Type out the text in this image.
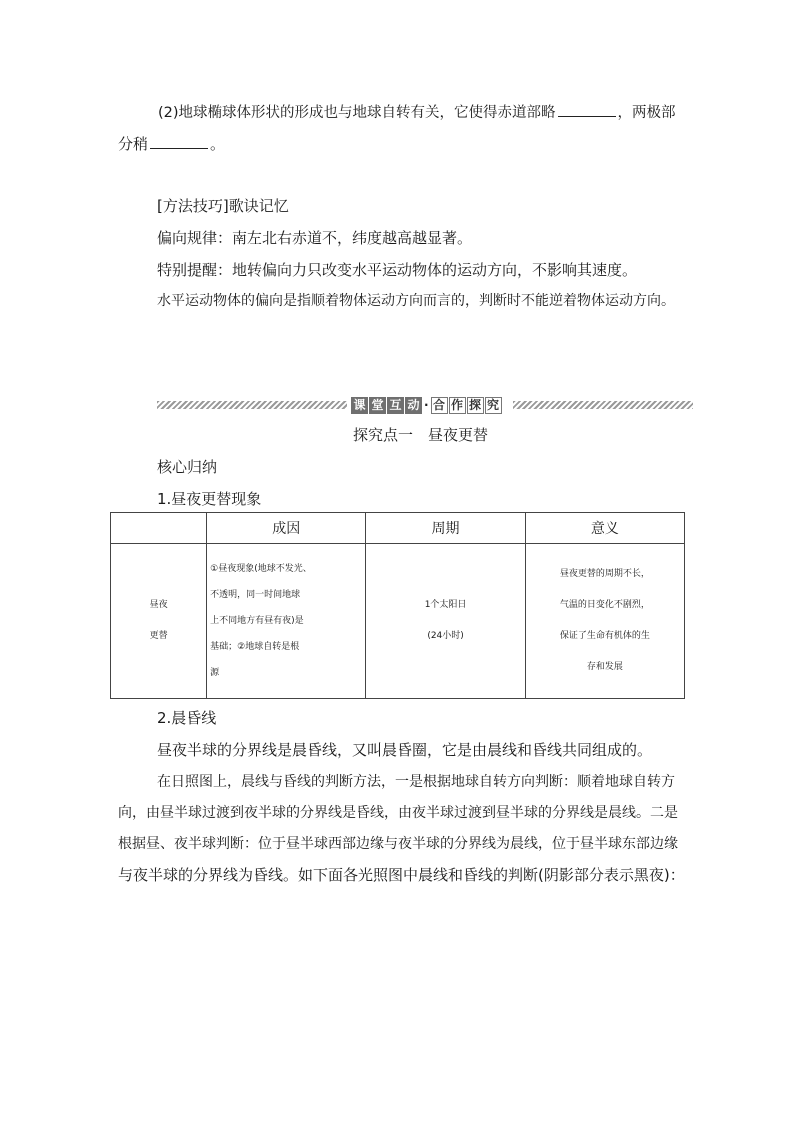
(2)地球椭球体形状的形成也与地球自转有关，它使得赤道部略	，两极部
分稍	。
[方法技巧]歌诀记忆
偏向规律：南左北右赤道不，纬度越高越显著。
特别提醒：地转偏向力只改变水平运动物体的运动方向，不影响其速度。
水平运动物体的偏向是指顺着物体运动方向而言的，判断时不能逆着物体运动方向。
课 堂 互 动 · 合 作 探 究
探究点一　昼夜更替
核心归纳
1.昼夜更替现象
	成因	周期	意义

昼夜
更替	①昼夜现象(地球不发光、
不透明，同一时间地球
上不同地方有昼有夜)是
基础；②地球自转是根
源	1个太阳日
(24小时)	昼夜更替的周期不长，
气温的日变化不剧烈，
保证了生命有机体的生
存和发展
2.晨昏线
昼夜半球的分界线是晨昏线，又叫晨昏圈，它是由晨线和昏线共同组成的。
在日照图上，晨线与昏线的判断方法，一是根据地球自转方向判断：顺着地球自转方
向，由昼半球过渡到夜半球的分界线是昏线，由夜半球过渡到昼半球的分界线是晨线。二是
根据昼、夜半球判断：位于昼半球西部边缘与夜半球的分界线为晨线，位于昼半球东部边缘
与夜半球的分界线为昏线。如下面各光照图中晨线和昏线的判断(阴影部分表示黑夜)：
